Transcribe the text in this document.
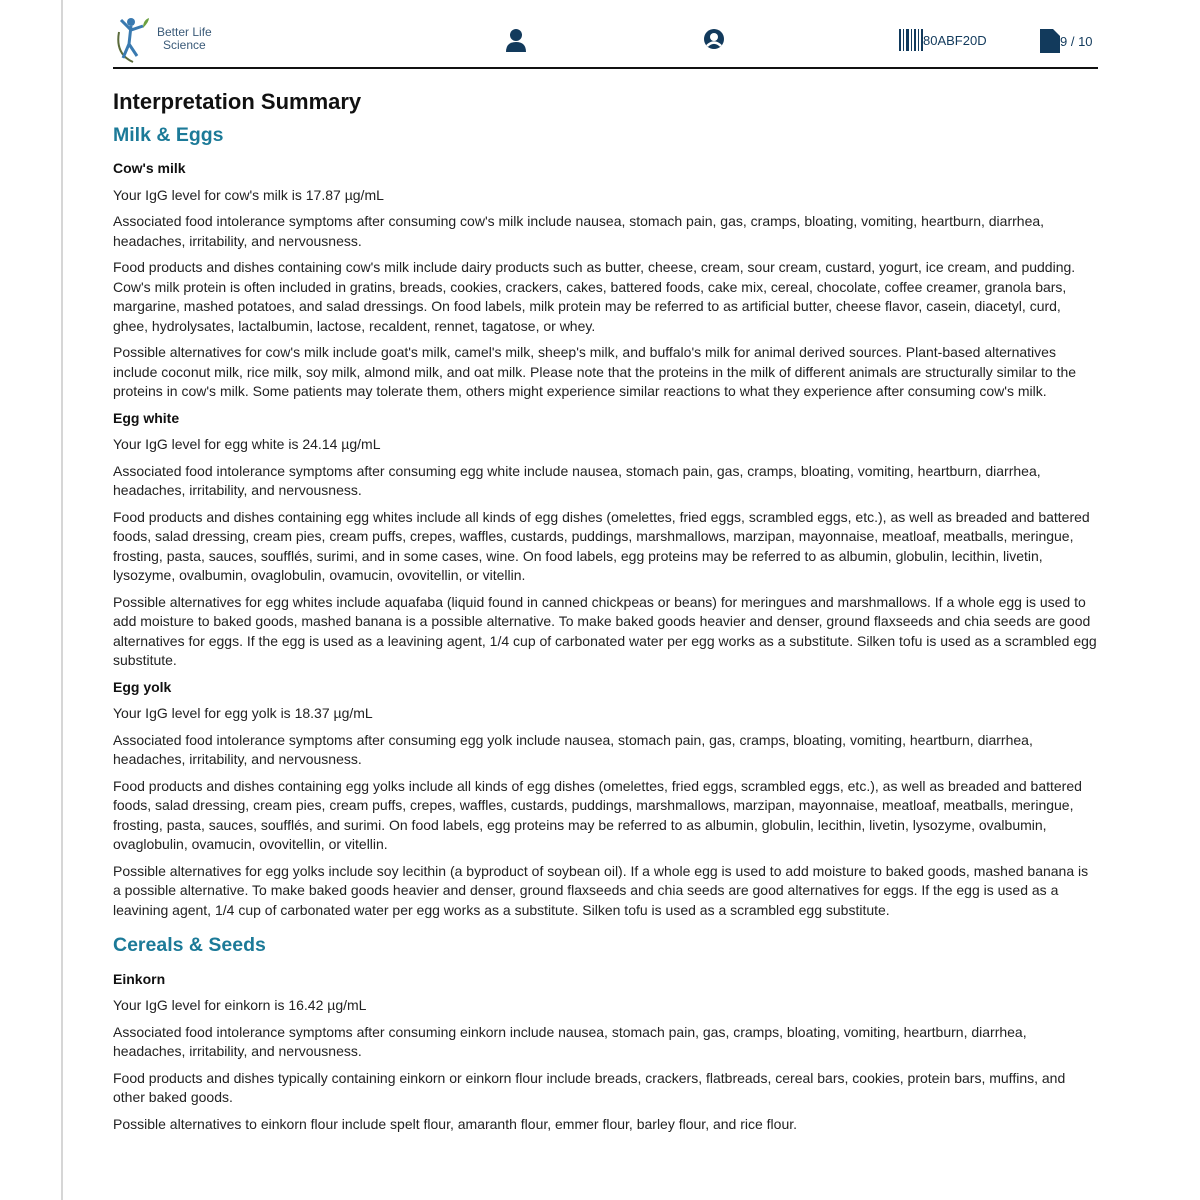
Better Life
Science	80ABF20D	9 / 10
Interpretation Summary
Milk & Eggs
Cow's milk

Your IgG level for cow's milk is 17.87 µg/mL

Associated food intolerance symptoms after consuming cow's milk include nausea, stomach pain, gas, cramps, bloating, vomiting, heartburn, diarrhea, headaches, irritability, and nervousness.

Food products and dishes containing cow's milk include dairy products such as butter, cheese, cream, sour cream, custard, yogurt, ice cream, and pudding. Cow's milk protein is often included in gratins, breads, cookies, crackers, cakes, battered foods, cake mix, cereal, chocolate, coffee creamer, granola bars, margarine, mashed potatoes, and salad dressings. On food labels, milk protein may be referred to as artificial butter, cheese flavor, casein, diacetyl, curd, ghee, hydrolysates, lactalbumin, lactose, recaldent, rennet, tagatose, or whey.

Possible alternatives for cow's milk include goat's milk, camel's milk, sheep's milk, and buffalo's milk for animal derived sources. Plant-based alternatives include coconut milk, rice milk, soy milk, almond milk, and oat milk. Please note that the proteins in the milk of different animals are structurally similar to the proteins in cow's milk. Some patients may tolerate them, others might experience similar reactions to what they experience after consuming cow's milk.

Egg white

Your IgG level for egg white is 24.14 µg/mL

Associated food intolerance symptoms after consuming egg white include nausea, stomach pain, gas, cramps, bloating, vomiting, heartburn, diarrhea, headaches, irritability, and nervousness.

Food products and dishes containing egg whites include all kinds of egg dishes (omelettes, fried eggs, scrambled eggs, etc.), as well as breaded and battered foods, salad dressing, cream pies, cream puffs, crepes, waffles, custards, puddings, marshmallows, marzipan, mayonnaise, meatloaf, meatballs, meringue, frosting, pasta, sauces, soufflés, surimi, and in some cases, wine. On food labels, egg proteins may be referred to as albumin, globulin, lecithin, livetin, lysozyme, ovalbumin, ovaglobulin, ovamucin, ovovitellin, or vitellin.

Possible alternatives for egg whites include aquafaba (liquid found in canned chickpeas or beans) for meringues and marshmallows. If a whole egg is used to add moisture to baked goods, mashed banana is a possible alternative. To make baked goods heavier and denser, ground flaxseeds and chia seeds are good alternatives for eggs. If the egg is used as a leavining agent, 1/4 cup of carbonated water per egg works as a substitute. Silken tofu is used as a scrambled egg substitute.

Egg yolk

Your IgG level for egg yolk is 18.37 µg/mL

Associated food intolerance symptoms after consuming egg yolk include nausea, stomach pain, gas, cramps, bloating, vomiting, heartburn, diarrhea, headaches, irritability, and nervousness.

Food products and dishes containing egg yolks include all kinds of egg dishes (omelettes, fried eggs, scrambled eggs, etc.), as well as breaded and battered foods, salad dressing, cream pies, cream puffs, crepes, waffles, custards, puddings, marshmallows, marzipan, mayonnaise, meatloaf, meatballs, meringue, frosting, pasta, sauces, soufflés, and surimi. On food labels, egg proteins may be referred to as albumin, globulin, lecithin, livetin, lysozyme, ovalbumin, ovaglobulin, ovamucin, ovovitellin, or vitellin.

Possible alternatives for egg yolks include soy lecithin (a byproduct of soybean oil). If a whole egg is used to add moisture to baked goods, mashed banana is a possible alternative. To make baked goods heavier and denser, ground flaxseeds and chia seeds are good alternatives for eggs. If the egg is used as a leavining agent, 1/4 cup of carbonated water per egg works as a substitute. Silken tofu is used as a scrambled egg substitute.

Cereals & Seeds
Einkorn

Your IgG level for einkorn is 16.42 µg/mL

Associated food intolerance symptoms after consuming einkorn include nausea, stomach pain, gas, cramps, bloating, vomiting, heartburn, diarrhea, headaches, irritability, and nervousness.

Food products and dishes typically containing einkorn or einkorn flour include breads, crackers, flatbreads, cereal bars, cookies, protein bars, muffins, and other baked goods.

Possible alternatives to einkorn flour include spelt flour, amaranth flour, emmer flour, barley flour, and rice flour.
